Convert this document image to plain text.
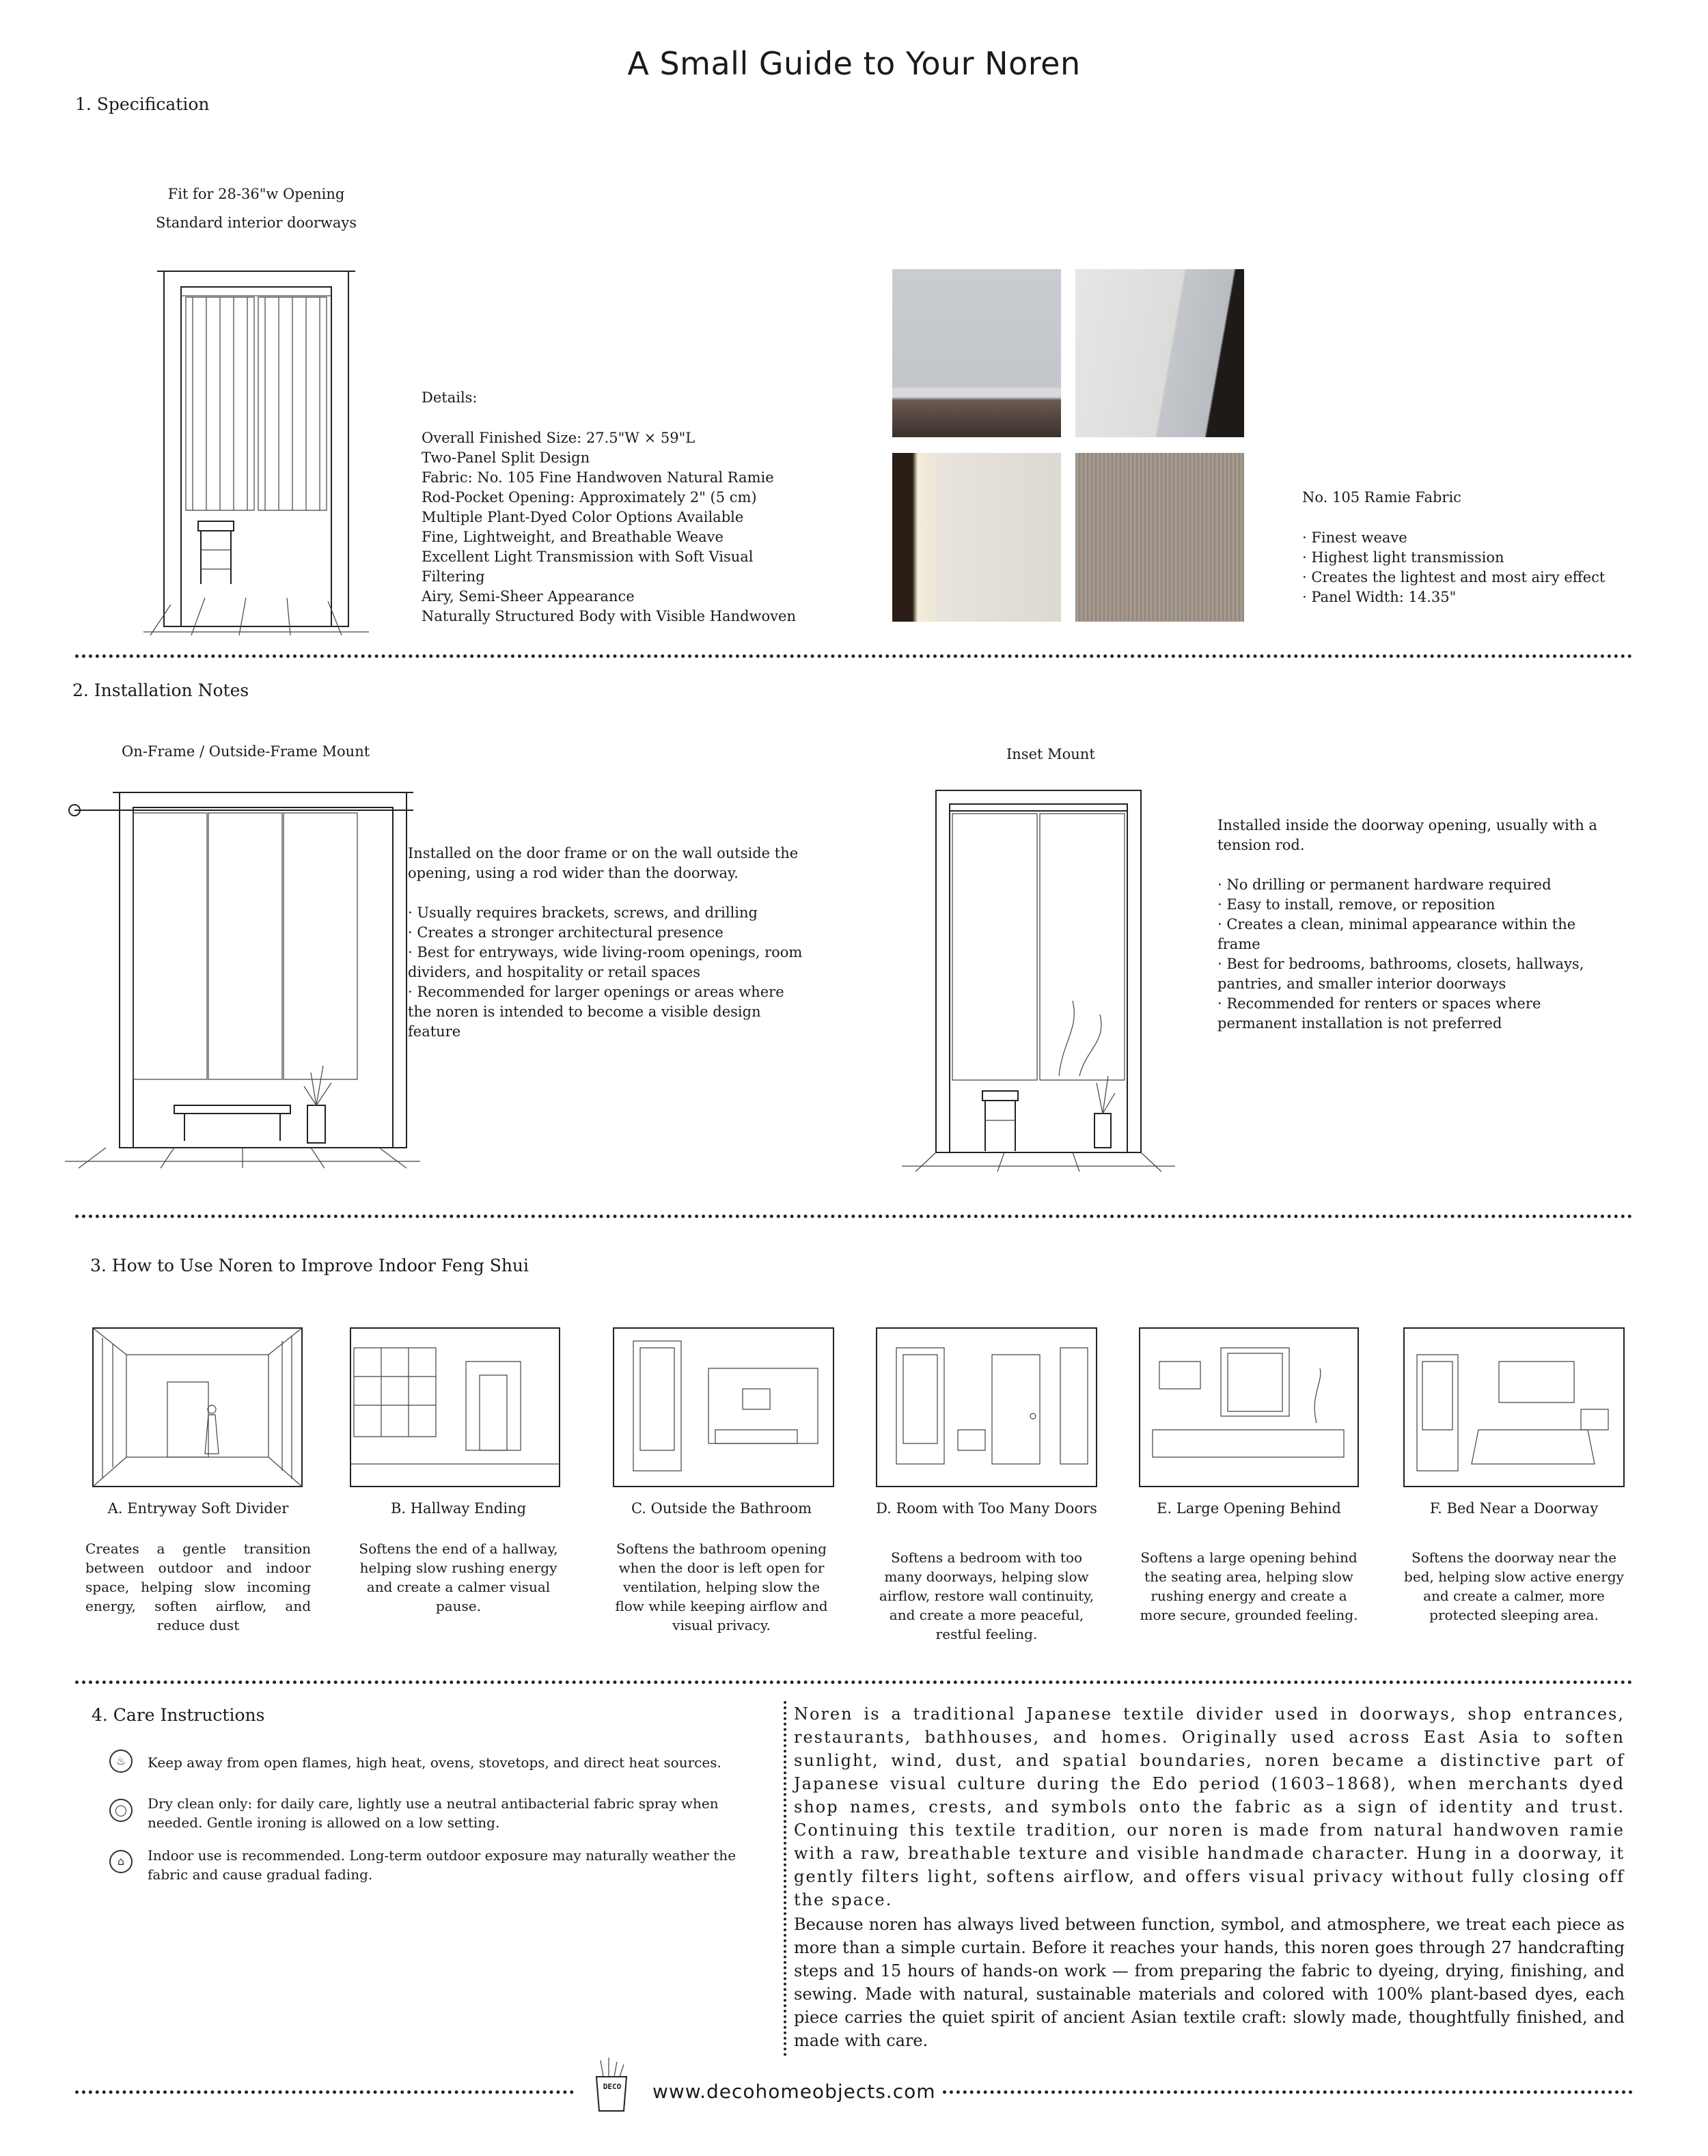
A Small Guide to Your Noren
1. Specification
Fit for 28-36"w Opening
Standard interior doorways
Details:
Overall Finished Size: 27.5"W × 59"L
Two-Panel Split Design
Fabric: No. 105 Fine Handwoven Natural Ramie
Rod-Pocket Opening: Approximately 2" (5 cm)
Multiple Plant-Dyed Color Options Available
Fine, Lightweight, and Breathable Weave
Excellent Light Transmission with Soft Visual Filtering
Airy, Semi-Sheer Appearance
Naturally Structured Body with Visible Handwoven
No. 105 Ramie Fabric
· Finest weave
· Highest light transmission
· Creates the lightest and most airy effect
· Panel Width: 14.35"
2. Installation Notes
On-Frame / Outside-Frame Mount	Inset Mount
Installed on the door frame or on the wall outside the opening, using a rod wider than the doorway.
· Usually requires brackets, screws, and drilling
· Creates a stronger architectural presence
· Best for entryways, wide living-room openings, room dividers, and hospitality or retail spaces
· Recommended for larger openings or areas where the noren is intended to become a visible design feature
Installed inside the doorway opening, usually with a tension rod.
· No drilling or permanent hardware required
· Easy to install, remove, or reposition
· Creates a clean, minimal appearance within the frame
· Best for bedrooms, bathrooms, closets, hallways, pantries, and smaller interior doorways
· Recommended for renters or spaces where permanent installation is not preferred
3. How to Use Noren to Improve Indoor Feng Shui
A. Entryway Soft Divider
Creates a gentle transition between outdoor and indoor space, helping slow incoming energy, soften airflow, and reduce dust
B. Hallway Ending
Softens the end of a hallway, helping slow rushing energy and create a calmer visual pause.
C. Outside the Bathroom
Softens the bathroom opening when the door is left open for ventilation, helping slow the flow while keeping airflow and visual privacy.
D. Room with Too Many Doors
Softens a bedroom with too many doorways, helping slow airflow, restore wall continuity, and create a more peaceful, restful feeling.
E. Large Opening Behind
Softens a large opening behind the seating area, helping slow rushing energy and create a more secure, grounded feeling.
F. Bed Near a Doorway
Softens the doorway near the bed, helping slow active energy and create a calmer, more protected sleeping area.
4. Care Instructions
♨	Keep away from open flames, high heat, ovens, stovetops, and direct heat sources.
◯	Dry clean only: for daily care, lightly use a neutral antibacterial fabric spray when needed. Gentle ironing is allowed on a low setting.
⌂	Indoor use is recommended. Long-term outdoor exposure may naturally weather the fabric and cause gradual fading.
Noren is a traditional Japanese textile divider used in doorways, shop entrances, restaurants, bathhouses, and homes. Originally used across East Asia to soften sunlight, wind, dust, and spatial boundaries, noren became a distinctive part of Japanese visual culture during the Edo period (1603–1868), when merchants dyed shop names, crests, and symbols onto the fabric as a sign of identity and trust. Continuing this textile tradition, our noren is made from natural handwoven ramie with a raw, breathable texture and visible handmade character. Hung in a doorway, it gently filters light, softens airflow, and offers visual privacy without fully closing off the space.
Because noren has always lived between function, symbol, and atmosphere, we treat each piece as more than a simple curtain. Before it reaches your hands, this noren goes through 27 handcrafting steps and 15 hours of hands-on work — from preparing the fabric to dyeing, drying, finishing, and sewing. Made with natural, sustainable materials and colored with 100% plant-based dyes, each piece carries the quiet spirit of ancient Asian textile craft: slowly made, thoughtfully finished, and made with care.
DECO	www.decohomeobjects.com
